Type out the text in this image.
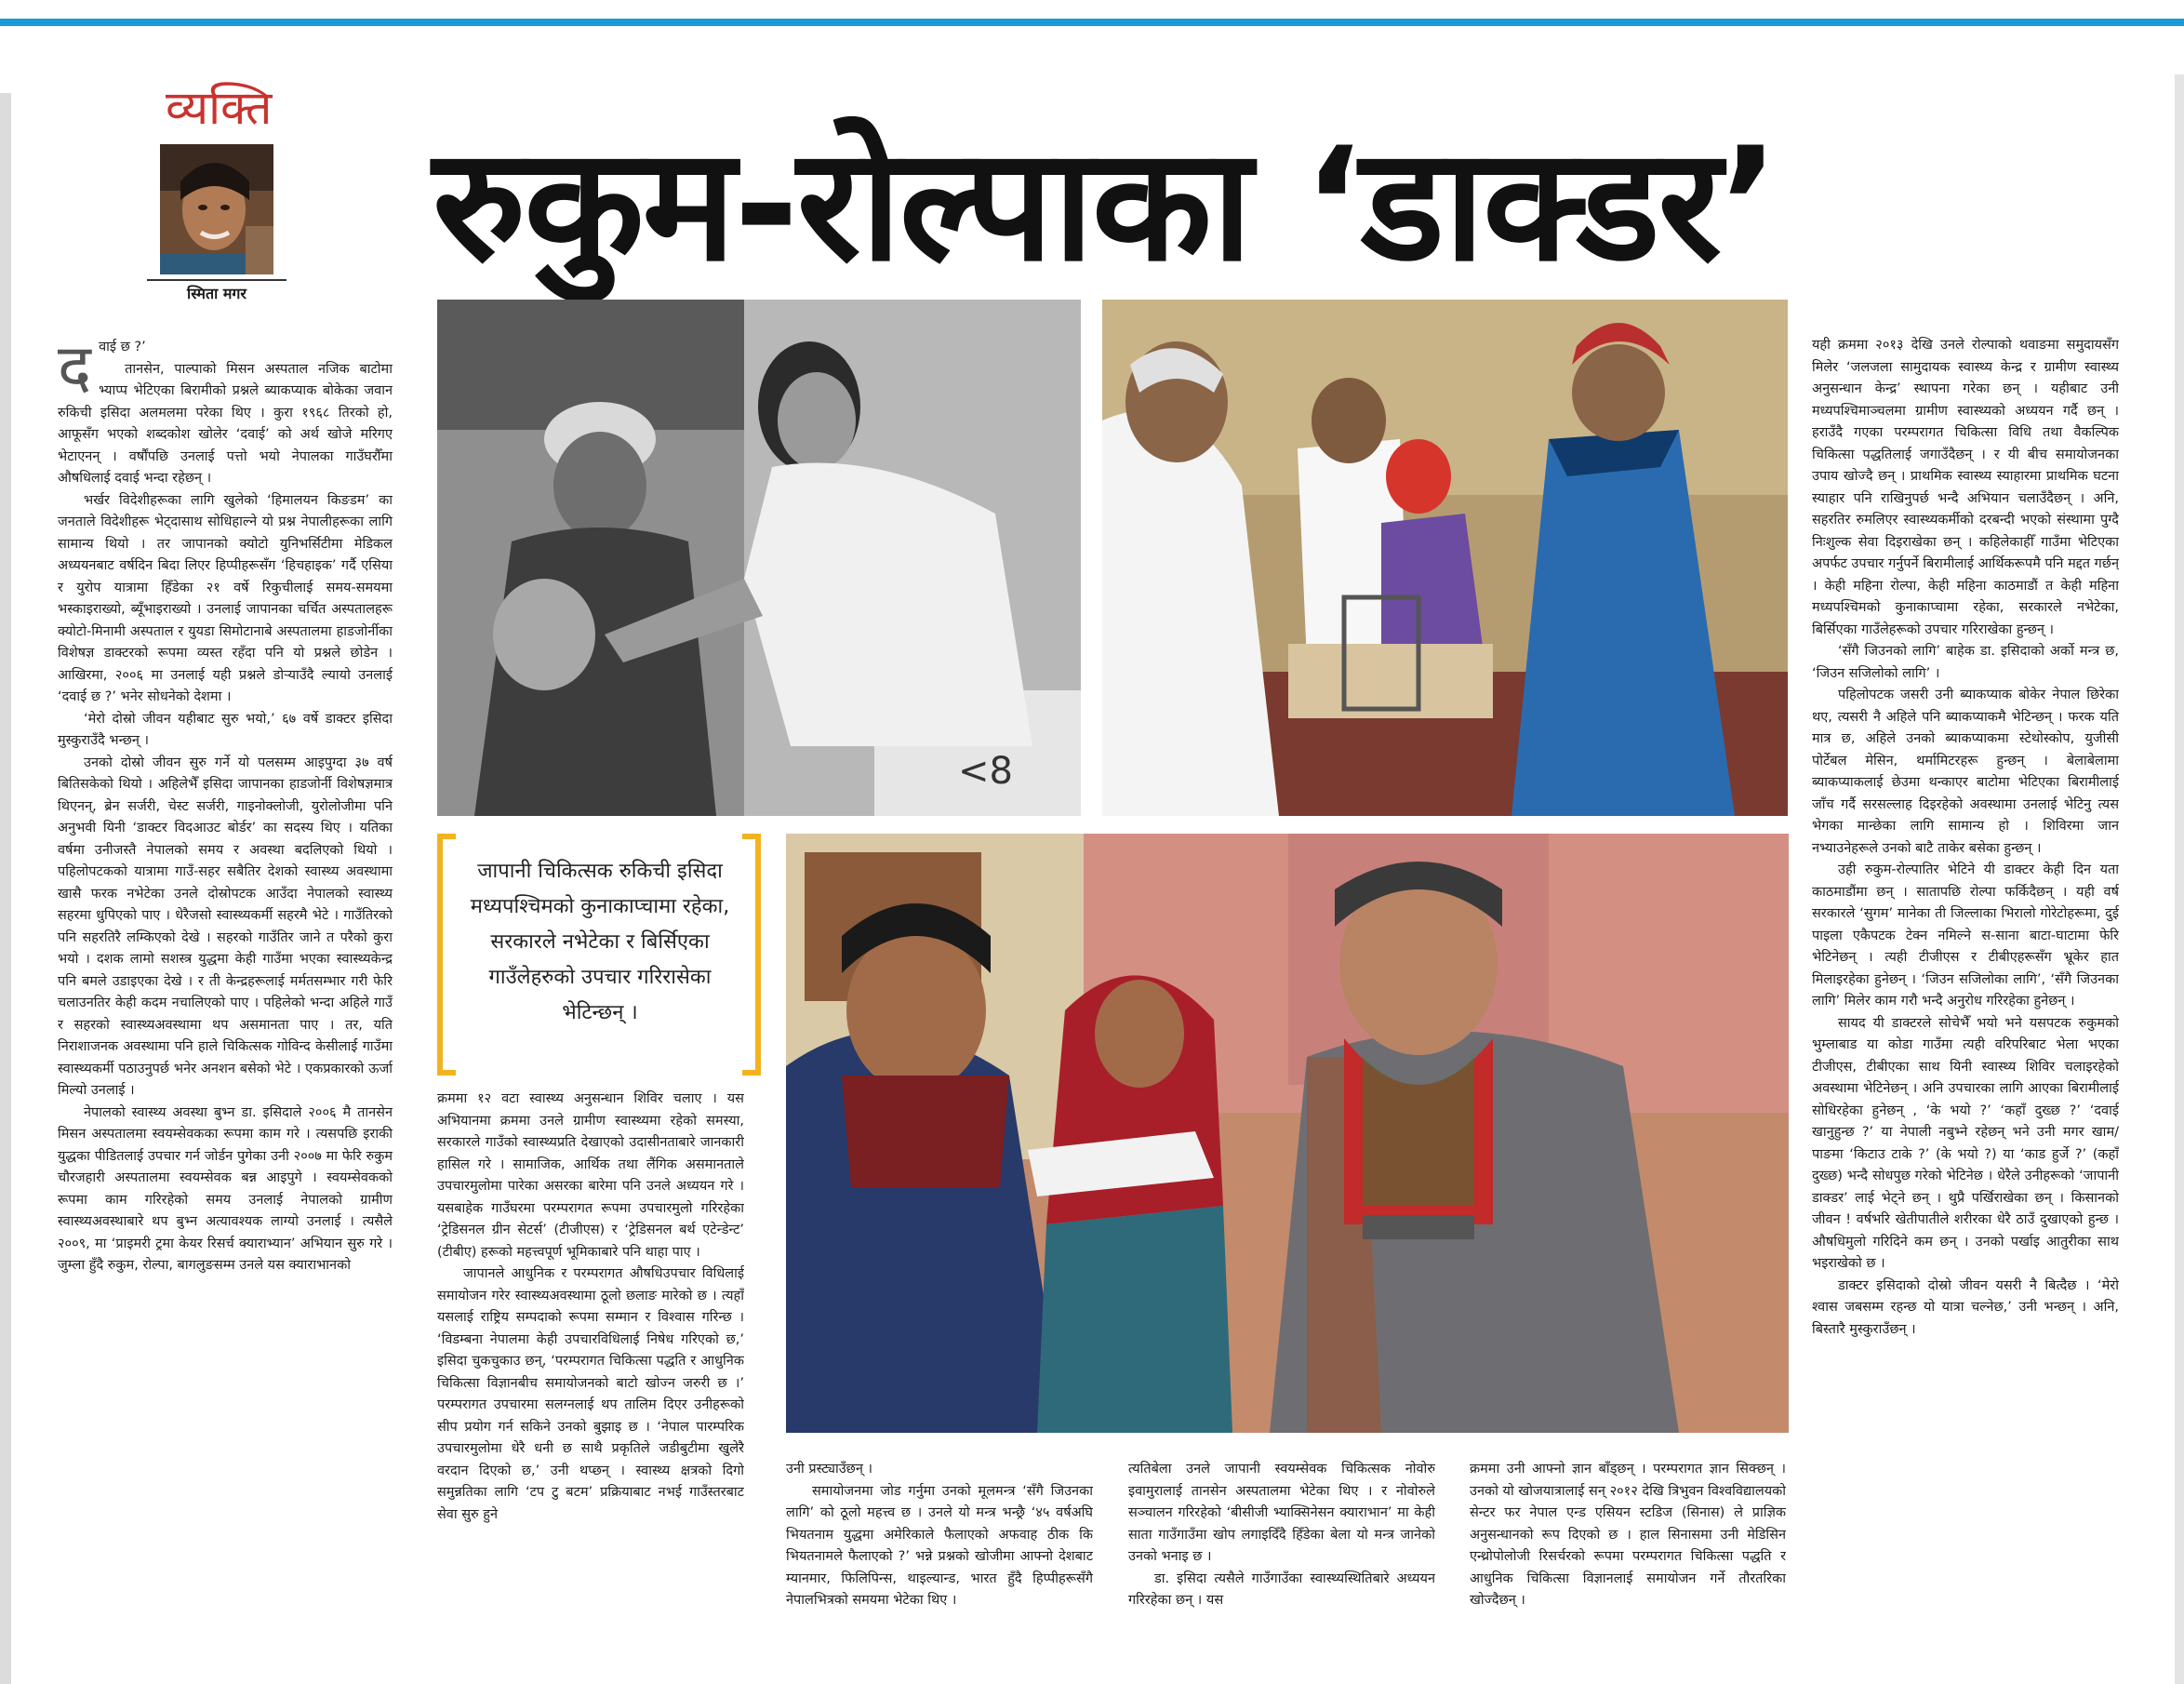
व्यक्ति
स्मिता मगर रुकुम-रोल्पाका ‘डाक्डर’
<8
जापानी चिकित्सक रुकिची इसिदा मध्यपश्चिमको कुनाकाप्चामा रहेका, सरकारले नभेटेका र बिर्सिएका गाउँलेहरुको उपचार गरिरासेका भेटिन्छन् ।

दवाई छ ?’

तानसेन, पाल्पाको मिसन अस्पताल नजिक बाटोमा भ्याप्प भेटिएका बिरामीको प्रश्नले ब्याकप्याक बोकेका जवान रुकिची इसिदा अलमलमा परेका थिए । कुरा १९६८ तिरको हो, आफूसँग भएको शब्दकोश खोलेर ‘दवाई’ को अर्थ खोजे मरिगए भेटाएनन् । वर्षौंपछि उनलाई पत्तो भयो नेपालका गाउँघरौँमा औषधिलाई दवाई भन्दा रहेछन् ।

भर्खर विदेशीहरूका लागि खुलेको ‘हिमालयन किङडम’ का जनताले विदेशीहरू भेट्दासाथ सोधिहाल्ने यो प्रश्न नेपालीहरूका लागि सामान्य थियो । तर जापानको क्योटो युनिभर्सिटीमा मेडिकल अध्ययनबाट वर्षदिन बिदा लिएर हिप्पीहरूसँग ‘हिचहाइक’ गर्दै एसिया र युरोप यात्रामा हिँडेका २१ वर्षे रिकुचीलाई समय-समयमा भस्काइराख्यो, ब्यूँभाइराख्यो । उनलाई जापानका चर्चित अस्पतालहरू क्योटो-मिनामी अस्पताल र युयडा सिमोटानाबे अस्पतालमा हाडजोर्नीका विशेषज्ञ डाक्टरको रूपमा व्यस्त रहँदा पनि यो प्रश्नले छोडेन । आखिरमा, २००६ मा उनलाई यही प्रश्नले डोऱ्याउँदै ल्यायो उनलाई ‘दवाई छ ?’ भनेर सोधनेको देशमा ।

‘मेरो दोस्रो जीवन यहीबाट सुरु भयो,’ ६७ वर्षे डाक्टर इसिदा मुस्कुराउँदै भन्छन् ।

उनको दोस्रो जीवन सुरु गर्ने यो पलसम्म आइपुग्दा ३७ वर्ष बितिसकेको थियो । अहिलेभैँ इसिदा जापानका हाडजोर्नी विशेषज्ञमात्र थिएनन्, ब्रेन सर्जरी, चेस्ट सर्जरी, गाइनोक्लोजी, युरोलोजीमा पनि अनुभवी यिनी ‘डाक्टर विदआउट बोर्डर’ का सदस्य थिए । यतिका वर्षमा उनीजस्तै नेपालको समय र अवस्था बदलिएको थियो । पहिलोपटकको यात्रामा गाउँ-सहर सबैतिर देशको स्वास्थ्य अवस्थामा खासै फरक नभेटेका उनले दोस्रोपटक आउँदा नेपालको स्वास्थ्य सहरमा धुपिएको पाए । धेरैजसो स्वास्थ्यकर्मी सहरमै भेटे । गाउँतिरको पनि सहरतिरै लम्किएको देखे । सहरको गाउँतिर जाने त परैको कुरा भयो । दशक लामो सशस्त्र युद्धमा केही गाउँमा भएका स्वास्थ्यकेन्द्र पनि बमले उडाइएका देखे । र ती केन्द्रहरूलाई मर्मतसम्भार गरी फेरि चलाउनतिर केही कदम नचालिएको पाए । पहिलेको भन्दा अहिले गाउँ र सहरको स्वास्थ्यअवस्थामा थप असमानता पाए । तर, यति निराशाजनक अवस्थामा पनि हाले चिकित्सक गोविन्द केसीलाई गाउँमा स्वास्थ्यकर्मी पठाउनुपर्छ भनेर अनशन बसेको भेटे । एकप्रकारको ऊर्जा मिल्यो उनलाई ।

नेपालको स्वास्थ्य अवस्था बुभ्न डा. इसिदाले २००६ मै तानसेन मिसन अस्पतालमा स्वयम्सेवकका रूपमा काम गरे । त्यसपछि इराकी युद्धका पीडितलाई उपचार गर्न जोर्डन पुगेका उनी २००७ मा फेरि रुकुम चौरजहारी अस्पतालमा स्वयम्सेवक बन्न आइपुगे । स्वयम्सेवकको रूपमा काम गरिरहेको समय उनलाई नेपालको ग्रामीण स्वास्थ्यअवस्थाबारे थप बुभ्न अत्यावश्यक लाग्यो उनलाई । त्यसैले २००९, मा ‘प्राइमरी ट्रमा केयर रिसर्च क्याराभ्यान’ अभियान सुरु गरे । जुम्ला हुँदै रुकुम, रोल्पा, बागलुङसम्म उनले यस क्याराभानको

क्रममा १२ वटा स्वास्थ्य अनुसन्धान शिविर चलाए । यस अभियानमा क्रममा उनले ग्रामीण स्वास्थ्यमा रहेको समस्या, सरकारले गाउँको स्वास्थ्यप्रति देखाएको उदासीनताबारे जानकारी हासिल गरे । सामाजिक, आर्थिक तथा लैंगिक असमानताले उपचारमुलोमा पारेका असरका बारेमा पनि उनले अध्ययन गरे । यसबाहेक गाउँघरमा परम्परागत रूपमा उपचारमुलो गरिरहेका ‘ट्रेडिसनल ग्रीन सेटर्स’ (टीजीएस) र ‘ट्रेडिसनल बर्थ एटेन्डेन्ट’ (टीबीए) हरूको महत्त्वपूर्ण भूमिकाबारे पनि थाहा पाए ।

जापानले आधुनिक र परम्परागत औषधिउपचार विधिलाई समायोजन गरेर स्वास्थ्यअवस्थामा ठूलो छलाङ मारेको छ । त्यहाँ यसलाई राष्ट्रिय सम्पदाको रूपमा सम्मान र विश्वास गरिन्छ । ‘विडम्बना नेपालमा केही उपचारविधिलाई निषेध गरिएको छ,’ इसिदा चुकचुकाउ छन्, ‘परम्परागत चिकित्सा पद्धति र आधुनिक चिकित्सा विज्ञानबीच समायोजनको बाटो खोज्न जरुरी छ ।’ परम्परागत उपचारमा सलग्नलाई थप तालिम दिएर उनीहरूको सीप प्रयोग गर्न सकिने उनको बुझाइ छ । ‘नेपाल पारम्परिक उपचारमुलोमा धेरै धनी छ साथै प्रकृतिले जडीबुटीमा खुलेरै वरदान दिएको छ,’ उनी थप्छन् । स्वास्थ्य क्षत्रको दिगो समुन्नतिका लागि ‘टप टु बटम’ प्रक्रियाबाट नभई गाउँस्तरबाट सेवा सुरु हुने

उनी प्रस्ट्याउँछन् ।

समायोजनमा जोड गर्नुमा उनको मूलमन्त्र ‘सँगै जिउनका लागि’ को ठूलो महत्त्व छ । उनले यो मन्त्र भन्छ्रै ‘४५ वर्षअघि भियतनाम युद्धमा अमेरिकाले फैलाएको अफवाह ठीक कि भियतनामले फैलाएको ?’ भन्ने प्रश्नको खोजीमा आफ्नो देशबाट म्यानमार, फिलिपिन्स, थाइल्यान्ड, भारत हुँदै हिप्पीहरूसँगै नेपालभित्रको समयमा भेटेका थिए ।

त्यतिबेला उनले जापानी स्वयम्सेवक चिकित्सक नोवोरु इवामुरालाई तानसेन अस्पतालमा भेटेका थिए । र नोवोरुले सञ्चालन गरिरहेको ‘बीसीजी भ्याक्सिनेसन क्याराभान’ मा केही साता गाउँगाउँमा खोप लगाइदिँदै हिँडेका बेला यो मन्त्र जानेको उनको भनाइ छ ।

डा. इसिदा त्यसैले गाउँगाउँका स्वास्थ्यस्थितिबारे अध्ययन गरिरहेका छन् । यस

क्रममा उनी आफ्नो ज्ञान बाँड्छन् । परम्परागत ज्ञान सिक्छन् । उनको यो खोजयात्रालाई सन् २०१२ देखि त्रिभुवन विश्वविद्यालयको सेन्टर फर नेपाल एन्ड एसियन स्टडिज (सिनास) ले प्राज्ञिक अनुसन्धानको रूप दिएको छ । हाल सिनासमा उनी मेडिसिन एन्थ्रोपोलोजी रिसर्चरको रूपमा परम्परागत चिकित्सा पद्धति र आधुनिक चिकित्सा विज्ञानलाई समायोजन गर्ने तौरतरिका खोज्दैछन् ।

यही क्रममा २०१३ देखि उनले रोल्पाको थवाङमा समुदायसँग मिलेर ‘जलजला सामुदायक स्वास्थ्य केन्द्र र ग्रामीण स्वास्थ्य अनुसन्धान केन्द्र’ स्थापना गरेका छन् । यहीबाट उनी मध्यपश्चिमाञ्चलमा ग्रामीण स्वास्थ्यको अध्ययन गर्दै छन् । हराउँदै गएका परम्परागत चिकित्सा विधि तथा वैकल्पिक चिकित्सा पद्धतिलाई जगाउँदैछन् । र यी बीच समायोजनका उपाय खोज्दै छन् । प्राथमिक स्वास्थ्य स्याहारमा प्राथमिक घटना स्याहार पनि राखिनुपर्छ भन्दै अभियान चलाउँदैछन् । अनि, सहरतिर रुमलिएर स्वास्थ्यकर्मीको दरबन्दी भएको संस्थामा पुग्दै निःशुल्क सेवा दिइराखेका छन् । कहिलेकाहीँ गाउँमा भेटिएका अपर्फट उपचार गर्नुपर्ने बिरामीलाई आर्थिकरूपमै पनि मद्दत गर्छन् । केही महिना रोल्पा, केही महिना काठमाडौं त केही महिना मध्यपश्चिमको कुनाकाप्चामा रहेका, सरकारले नभेटेका, बिर्सिएका गाउँलेहरूको उपचार गरिराखेका हुन्छन् ।

‘सँगै जिउनको लागि’ बाहेक डा. इसिदाको अर्को मन्त्र छ, ‘जिउन सजिलोको लागि’ ।

पहिलोपटक जसरी उनी ब्याकप्याक बोकेर नेपाल छिरेका थए, त्यसरी नै अहिले पनि ब्याकप्याकमै भेटिन्छन् । फरक यति मात्र छ, अहिले उनको ब्याकप्याकमा स्टेथोस्कोप, युजीसी पोर्टेबल मेसिन, थर्मामिटरहरू हुन्छन् । बेलाबेलामा ब्याकप्याकलाई छेउमा थन्काएर बाटोमा भेटिएका बिरामीलाई जाँच गर्दै सरसल्लाह दिइरहेको अवस्थामा उनलाई भेटिनु त्यस भेगका मान्छेका लागि सामान्य हो । शिविरमा जान नभ्याउनेहरूले उनको बाटै ताकेर बसेका हुन्छन् ।

उही रुकुम-रोल्पातिर भेटिने यी डाक्टर केही दिन यता काठमाडौंमा छन् । सातापछि रोल्पा फर्किदैछन् । यही वर्ष सरकारले ‘सुगम’ मानेका ती जिल्लाका भिरालो गोरेटोहरूमा, दुई पाइला एकैपटक टेक्न नमिल्ने स-साना बाटा-घाटामा फेरि भेटिनेछन् । त्यही टीजीएस र टीबीएहरूसँग भ्रूकेर हात मिलाइरहेका हुनेछन् । ‘जिउन सजिलोका लागि’, ‘सँगै जिउनका लागि’ मिलेर काम गरौ भन्दै अनुरोध गरिरहेका हुनेछन् ।

सायद यी डाक्टरले सोचेभैँ भयो भने यसपटक रुकुमको भुम्लाबाड या कोडा गाउँमा त्यही वरिपरिबाट भेला भएका टीजीएस, टीबीएका साथ यिनी स्वास्थ्य शिविर चलाइरहेको अवस्थामा भेटिनेछन् । अनि उपचारका लागि आएका बिरामीलाई सोधिरहेका हुनेछन् , ‘के भयो ?’ ‘कहाँ दुख्छ ?’ ‘दवाई खानुहुन्छ ?’ या नेपाली नबुभ्ने रहेछन् भने उनी मगर खाम/पाङमा ‘किटाउ टाके ?’ (के भयो ?) या ‘काड हुर्जे ?’ (कहाँ दुख्छ) भन्दै सोधपुछ गरेको भेटिनेछ । धेरैले उनीहरूको ‘जापानी डाक्डर’ लाई भेट्ने छन् । थुप्रै पर्खिराखेका छन् । किसानको जीवन ! वर्षभरि खेतीपातीले शरीरका धेरै ठाउँ दुखाएको हुन्छ । औषधिमुलो गरिदिने कम छन् । उनको पर्खाइ आतुरीका साथ भइराखेको छ ।

डाक्टर इसिदाको दोस्रो जीवन यसरी नै बित्दैछ । ‘मेरो श्वास जबसम्म रहन्छ यो यात्रा चल्नेछ,’ उनी भन्छन् । अनि, बिस्तारै मुस्कुराउँछन् ।
